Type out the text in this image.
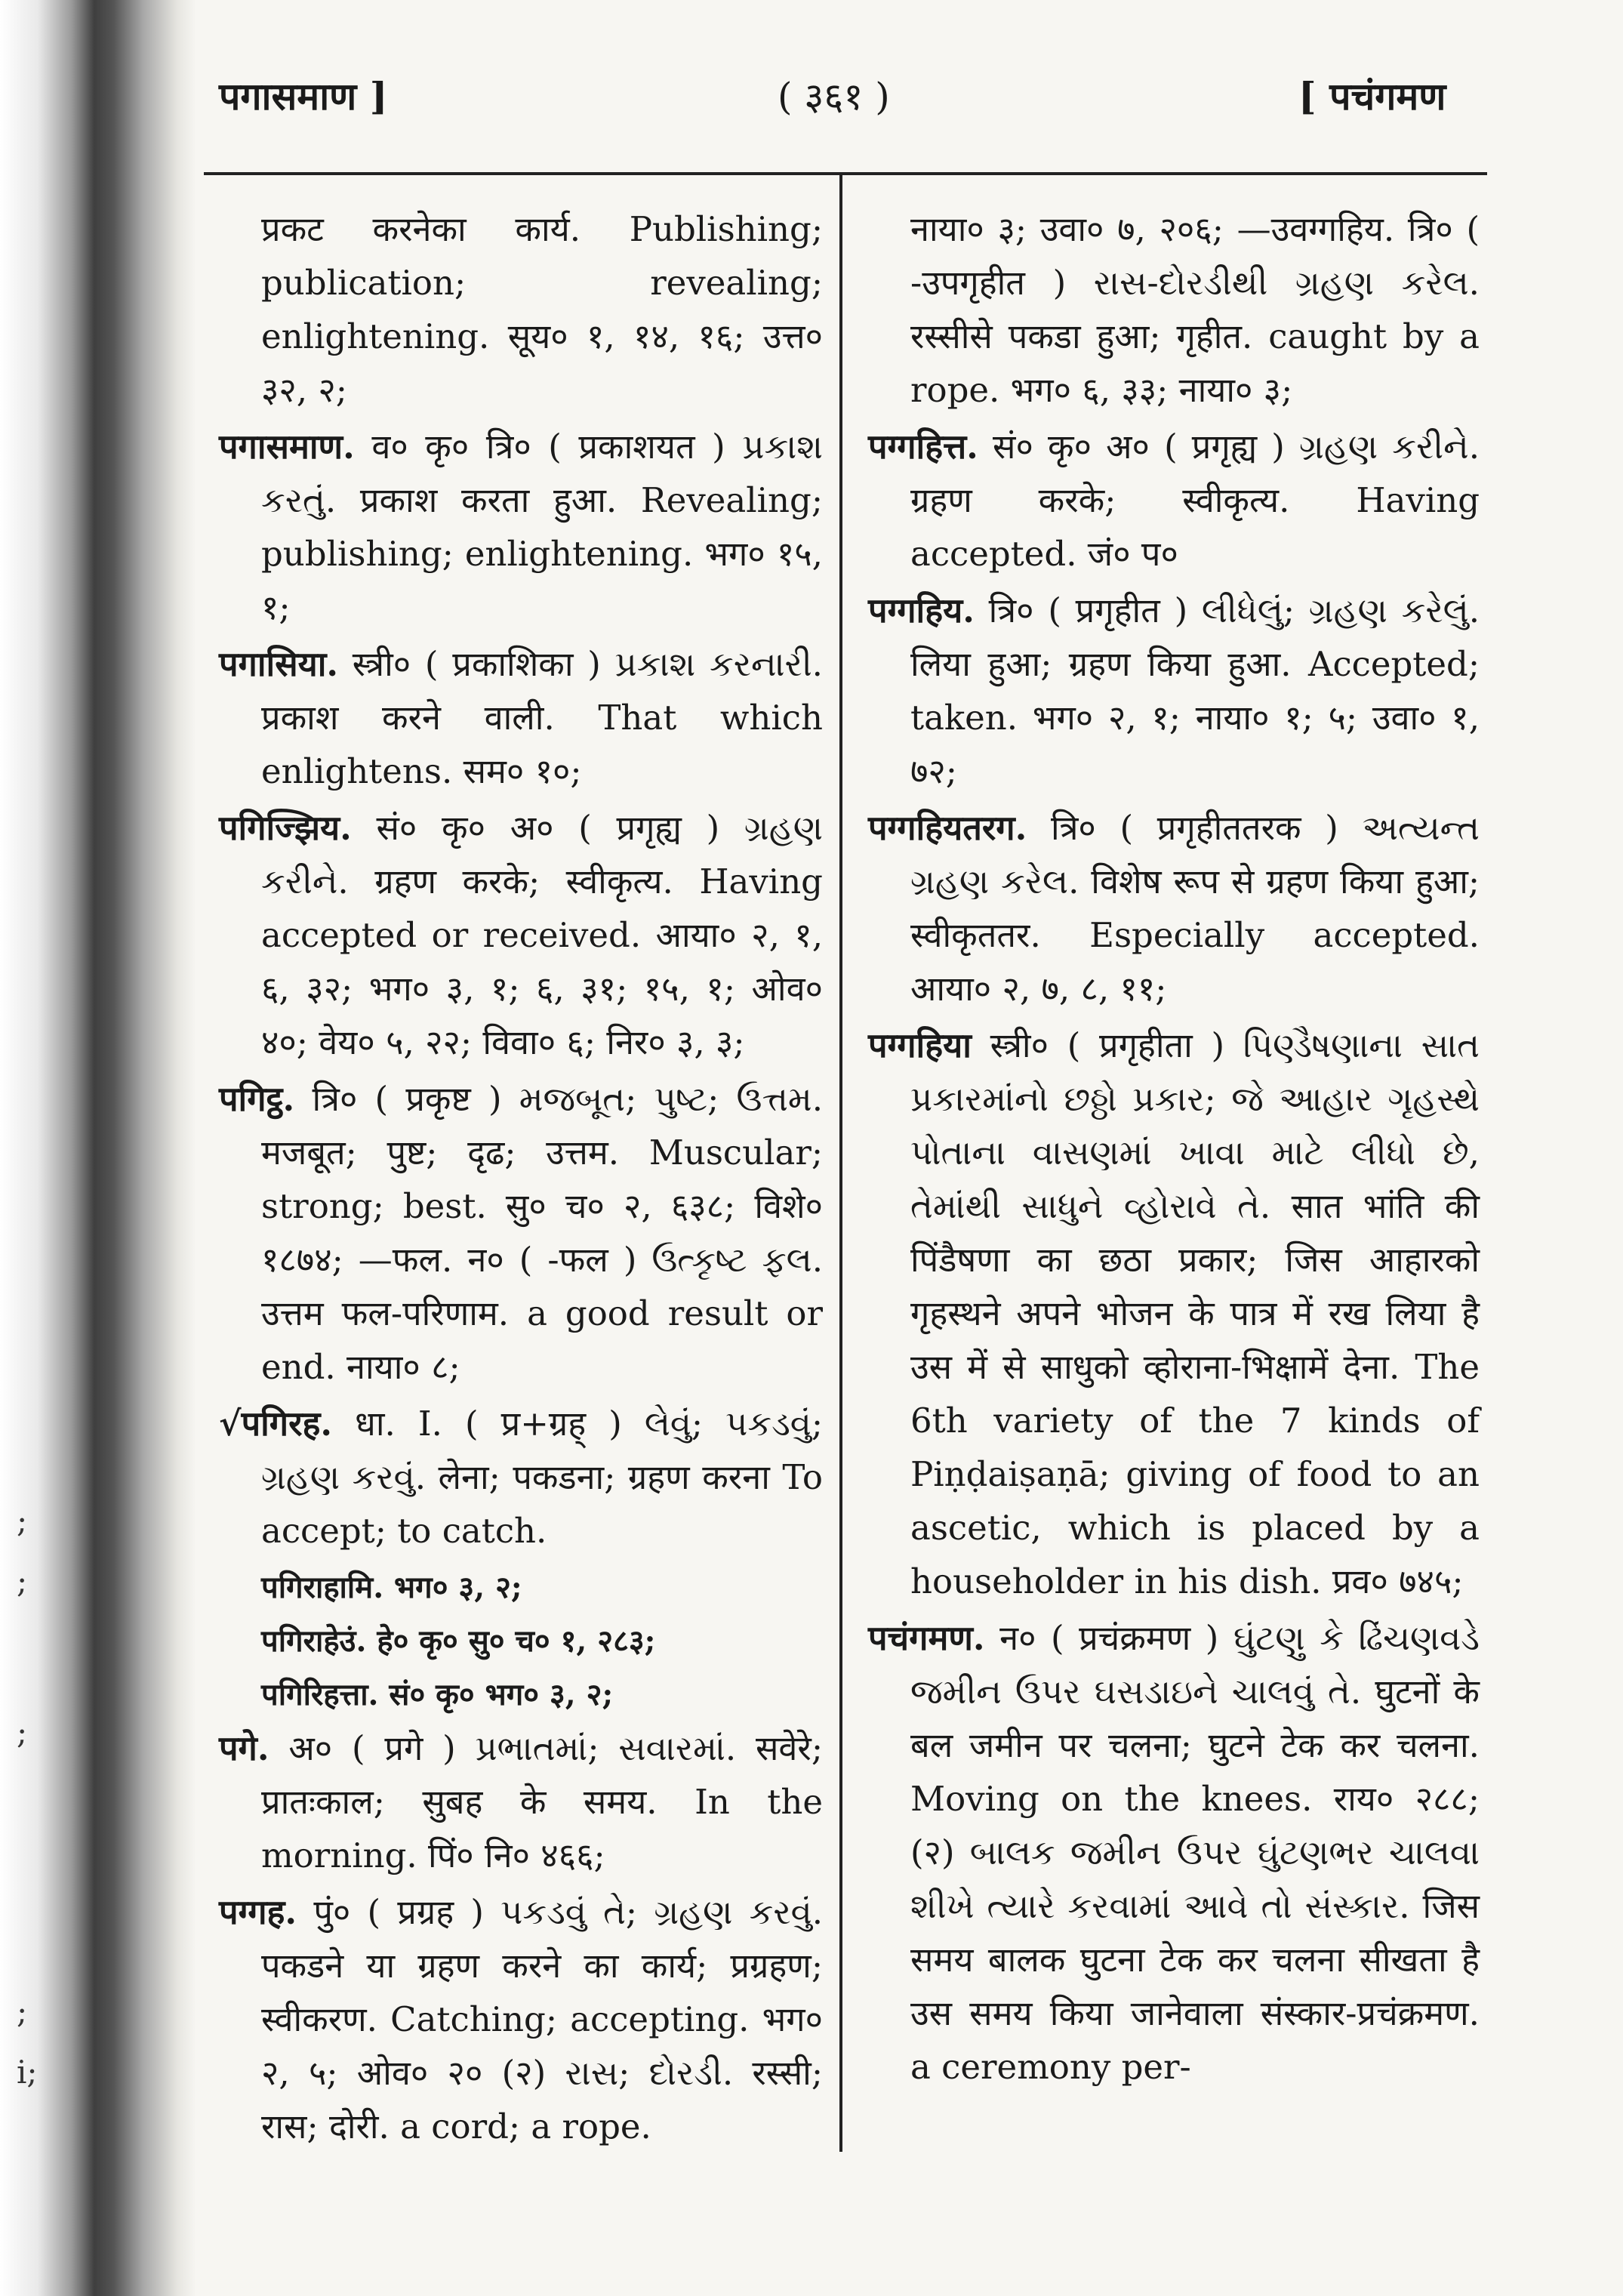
;
;
;
;
i;
पगासमाण ]	( ३६१ )	[ पचंगमण

प्रकट करनेका कार्य. Publishing; publication; revealing; enlightening. सूय० १, १४, १६; उत्त० ३२, २;

पगासमाण. व० कृ० त्रि० ( प्रकाशयत ) પ્રકાશ કરતું. प्रकाश करता हुआ. Revealing; publishing; enlightening. भग० १५, १;

पगासिया. स्त्री० ( प्रकाशिका ) પ્રકાશ કરનારી. प्रकाश करने वाली. That which enlightens. सम० १०;

पगिज्झिय. सं० कृ० अ० ( प्रगृह्य ) ગ્રહણ કરીને. ग्रहण करके; स्वीकृत्य. Having accepted or received. आया० २, १, ६, ३२; भग० ३, १; ६, ३१; १५, १; ओव० ४०; वेय० ५, २२; विवा० ६; निर० ३, ३;

पगिट्ठ. त्रि० ( प्रकृष्ट ) મજબૂત; પુષ્ટ; ઉત્તમ. मजबूत; पुष्ट; दृढ; उत्तम. Muscular; strong; best. सु० च० २, ६३८; विशे० १८७४; —फल. न० ( -फल ) ઉત્કૃષ્ટ ફલ. उत्तम फल-परिणाम. a good result or end. नाया० ८;

√पगिरह. धा. I. ( प्र+ग्रह् ) લેવું; પકડવું; ગ્રહણ કરવું. लेना; पकडना; ग्रहण करना To accept; to catch.

पगिराहामि. भग० ३, २;

पगिराहेउं. हे० कृ० सु० च० १, २८३;

पगिरिहत्ता. सं० कृ० भग० ३, २;

पगे. अ० ( प्रगे ) પ્રભાતમાં; સવારમાં. सवेरे; प्रातःकाल; सुबह के समय. In the morning. पिं० नि० ४६६;

पग्गह. पुं० ( प्रग्रह ) પકડવું તે; ગ્રહણ કરવું. पकडने या ग्रहण करने का कार्य; प्रग्रहण; स्वीकरण. Catching; accepting. भग० २, ५; ओव० २० (२) રાસ; દોરડી. रस्सी; रास; दोरी. a cord; a rope.

नाया० ३; उवा० ७, २०६; —उवग्गहिय. त्रि० ( -उपगृहीत ) રાસ-દોરડીથી ગ્રહણ કરેલ. रस्सीसे पकडा हुआ; गृहीत. caught by a rope. भग० ६, ३३; नाया० ३;

पग्गहित्त. सं० कृ० अ० ( प्रगृह्य ) ગ્રહણ કરીને. ग्रहण करके; स्वीकृत्य. Having accepted. जं० प०

पग्गहिय. त्रि० ( प्रगृहीत ) લીધેલું; ગ્રહણ કરેલું. लिया हुआ; ग्रहण किया हुआ. Accepted; taken. भग० २, १; नाया० १; ५; उवा० १, ७२;

पग्गहियतरग. त्रि० ( प्रगृहीततरक ) અત્યન્ત ગ્રહણ કરેલ. विशेष रूप से ग्रहण किया हुआ; स्वीकृततर. Especially accepted. आया० २, ७, ८, ११;

पग्गहिया स्त्री० ( प्रगृहीता ) પિણ્ડૈષણાના સાત પ્રકારમાંનો છઠ્ઠો પ્રકાર; જે આહાર ગૃહસ્થે પોતાના વાસણમાં ખાવા માટે લીધો છે, તેમાંથી સાધુને વ્હોરાવે તે. सात भांति की पिंडैषणा का छठा प्रकार; जिस आहारको गृहस्थने अपने भोजन के पात्र में रख लिया है उस में से साधुको व्होराना-भिक्षामें देना. The 6th variety of the 7 kinds of Piṇḍaiṣaṇā; giving of food to an ascetic, which is placed by a householder in his dish. प्रव० ७४५;

पचंगमण. न० ( प्रचंक्रमण ) ઘુંટણુ કે ઢિંચણવડે જમીન ઉપર ઘસડાઇને ચાલવું તે. घुटनों के बल जमीन पर चलना; घुटने टेक कर चलना. Moving on the knees. राय० २८८; (२) બાલક જમીન ઉપર ઘુંટણભર ચાલવા શીખે ત્યારે કરવામાં આવે તો સંસ્કાર. जिस समय बालक घुटना टेक कर चलना सीखता है उस समय किया जानेवाला संस्कार-प्रचंक्रमण. a ceremony per-
